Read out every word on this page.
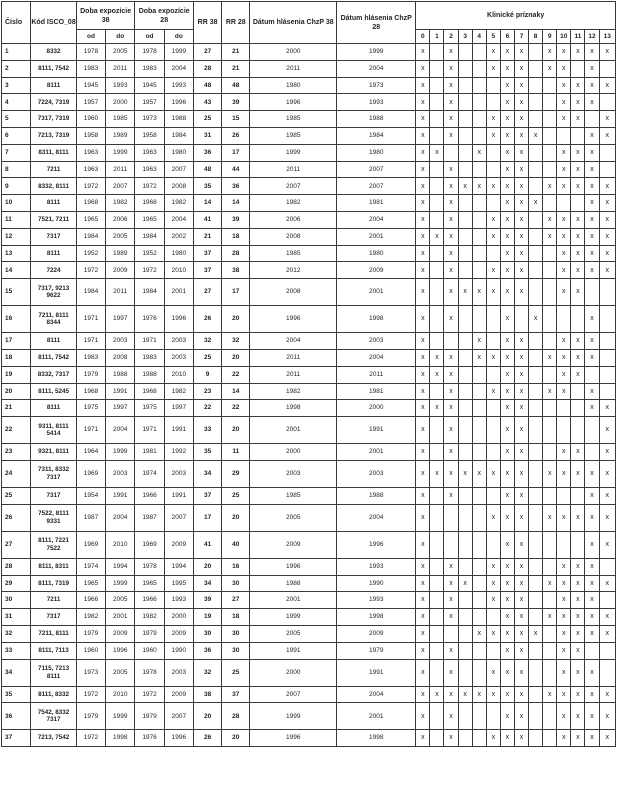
Číslo	Kód ISCO_08	Doba expozície 38		Doba expozície 28		RR 38	RR 28	Dátum hlásenia ChzP 38	Dátum hlásenia ChzP 28	Klinické príznaky													
		od	do	od	do					0	1	2	3	4	5	6	7	8	9	10	11	12	13
1	8332	1978	2005	1978	1999	27	21	2000	1999	x		x			x	x	x		x	x	x	x	x
2	8111, 7542	1983	2011	1983	2004	28	21	2011	2004	x		x			x	x	x		x	x		x	
3	8111	1945	1993	1945	1993	48	48	1980	1973	x		x				x	x			x	x	x	x
4	7224, 7319	1957	2000	1957	1996	43	39	1996	1993	x		x				x	x			x	x	x	
5	7317, 7319	1960	1985	1973	1988	25	15	1985	1988	x		x			x	x	x			x	x		x
6	7213, 7319	1958	1989	1958	1984	31	26	1985	1984	x		x			x	x	x	x				x	x
7	8311, 8111	1963	1999	1963	1980	36	17	1999	1980	x	x			x		x	x			x	x	x	
8	7211	1963	2011	1963	2007	48	44	2011	2007	x		x				x	x			x	x	x	
9	8332, 8111	1972	2007	1972	2008	35	36	2007	2007	x		x	x	x	x	x	x		x	x	x	x	x
10	8111	1968	1982	1968	1982	14	14	1982	1981	x		x				x	x	x				x	x
11	7521, 7211	1965	2006	1965	2004	41	39	2006	2004	x		x			x	x	x		x	x	x	x	x
12	7317	1984	2005	1984	2002	21	18	2008	2001	x	x	x			x	x	x		x	x	x	x	x
13	8111	1952	1989	1952	1980	37	28	1985	1980	x		x				x	x			x	x	x	x
14	7224	1972	2009	1972	2010	37	38	2012	2009	x		x			x	x	x			x	x	x	x
15	7317, 9213
9622	1984	2011	1984	2001	27	17	2008	2001	x		x	x	x	x	x	x			x	x		
16	7211, 8111
8344	1971	1997	1976	1996	26	20	1996	1998	x		x				x		x				x	
17	8111	1971	2003	1971	2003	32	32	2004	2003	x				x		x	x			x	x	x	
18	8111, 7542	1983	2008	1983	2003	25	20	2011	2004	x	x	x		x	x	x	x		x	x	x	x	
19	8332, 7317	1979	1988	1988	2010	9	22	2011	2011	x	x	x				x	x			x	x		
20	8111, 5245	1968	1991	1968	1982	23	14	1982	1981	x		x			x	x	x		x	x		x	
21	8111	1975	1997	1975	1997	22	22	1998	2000	x	x	x				x	x					x	x
22	9311, 8111
5414	1971	2004	1971	1991	33	20	2001	1991	x		x				x	x						x
23	9321, 8111	1964	1999	1981	1992	35	11	2000	2001	x		x				x	x			x	x		x
24	7311, 8332
7317	1969	2003	1974	2003	34	29	2003	2003	x	x	x	x	x	x	x	x		x	x	x	x	x
25	7317	1954	1991	1966	1991	37	25	1985	1988	x		x				x	x					x	x
26	7522, 8111
9331	1987	2004	1987	2007	17	20	2005	2004	x					x	x	x		x	x	x	x	x
27	8111, 7221
7522	1969	2010	1969	2009	41	40	2009	1996	x						x	x					x	x
28	8111, 8311	1974	1994	1978	1994	20	16	1996	1993	x		x			x	x	x			x	x	x	
29	8111, 7319	1965	1999	1965	1995	34	30	1988	1990	x		x	x		x	x	x		x	x	x	x	x
30	7211	1966	2005	1966	1993	39	27	2001	1993	x		x			x	x	x			x	x	x	
31	7317	1982	2001	1982	2000	19	18	1999	1998	x		x				x	x		x	x	x	x	x
32	7211, 8111	1979	2009	1979	2009	30	30	2005	2009	x				x	x	x	x	x		x	x	x	x
33	8111, 7113	1960	1996	1960	1990	36	30	1991	1979	x		x				x	x			x	x		
34	7115, 7213
8111	1973	2005	1978	2003	32	25	2000	1991	x		x			x	x	x			x	x	x	
35	8111, 8332	1972	2010	1972	2009	38	37	2007	2004	x	x	x	x	x	x	x	x		x	x	x	x	x
36	7542, 8332
7317	1979	1999	1979	2007	20	28	1999	2001	x		x				x	x			x	x	x	x
37	7213, 7542	1972	1998	1976	1996	26	20	1996	1998	x		x			x	x	x			x	x	x	x
